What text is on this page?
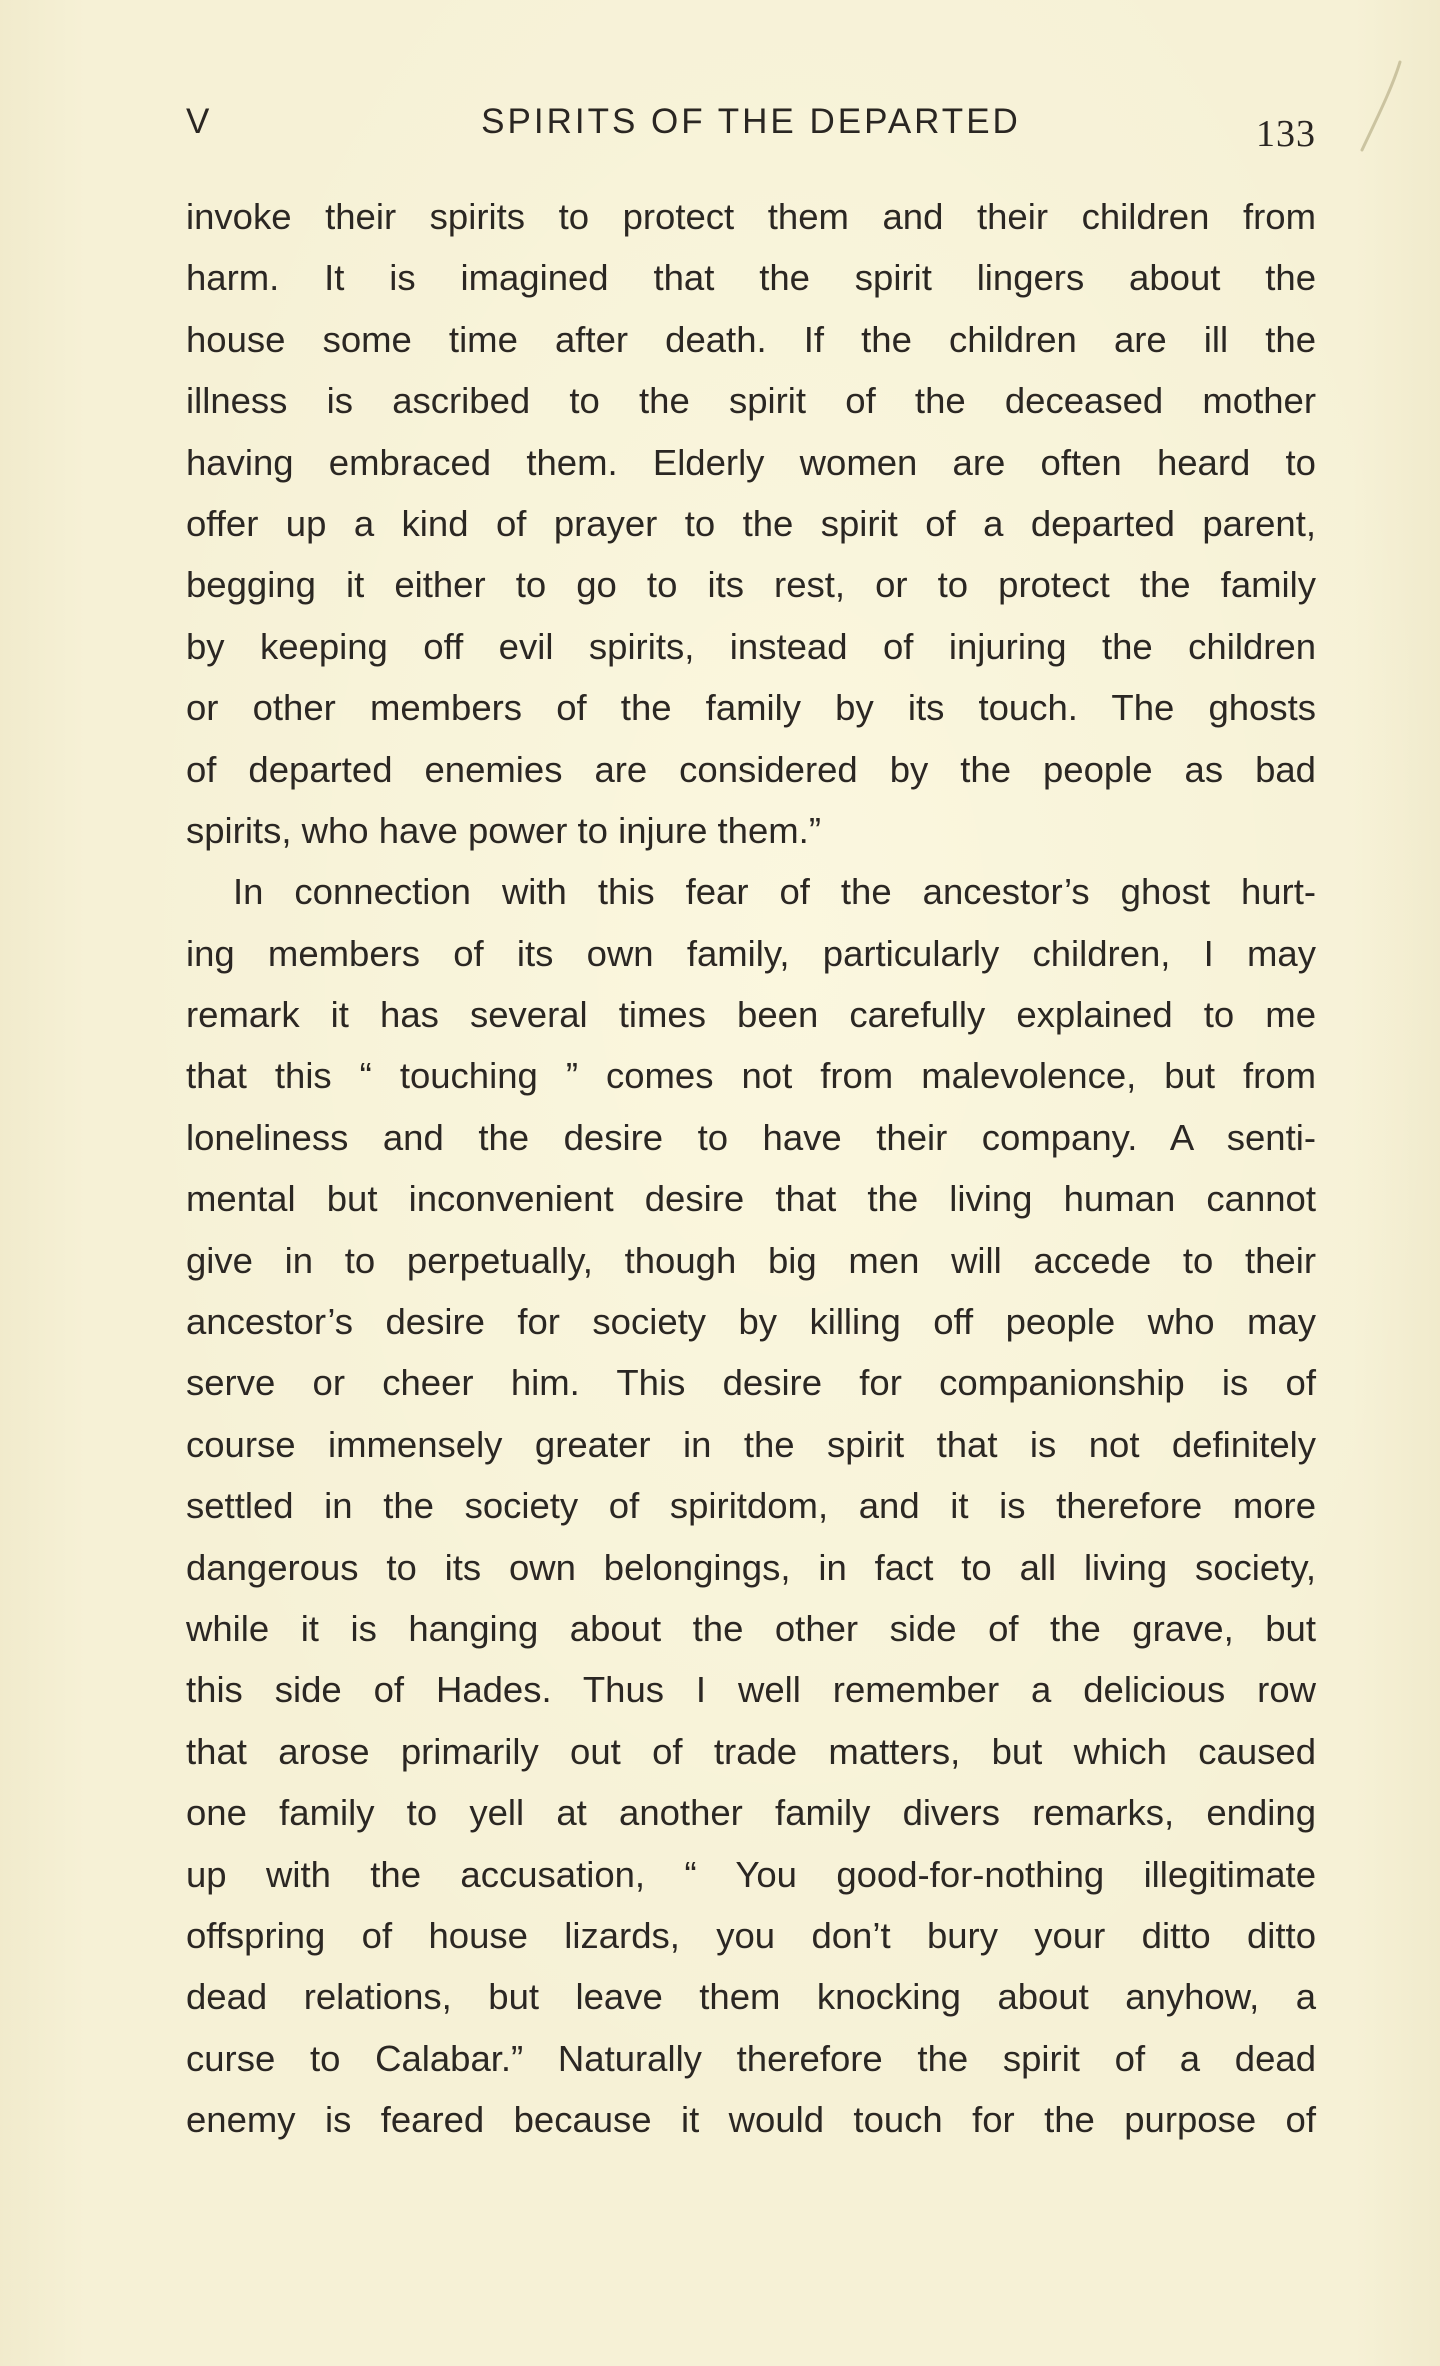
V	SPIRITS OF THE DEPARTED	133
invoke their spirits to protect them and their children from
harm. It is imagined that the spirit lingers about the
house some time after death. If the children are ill the
illness is ascribed to the spirit of the deceased mother
having embraced them. Elderly women are often heard to
offer up a kind of prayer to the spirit of a departed parent,
begging it either to go to its rest, or to protect the family
by keeping off evil spirits, instead of injuring the children
or other members of the family by its touch. The ghosts
of departed enemies are considered by the people as bad
spirits, who have power to injure them.”
In connection with this fear of the ancestor’s ghost hurt-
ing members of its own family, particularly children, I may
remark it has several times been carefully explained to me
that this “ touching ” comes not from malevolence, but from
loneliness and the desire to have their company. A senti-
mental but inconvenient desire that the living human cannot
give in to perpetually, though big men will accede to their
ancestor’s desire for society by killing off people who may
serve or cheer him. This desire for companionship is of
course immensely greater in the spirit that is not definitely
settled in the society of spiritdom, and it is therefore more
dangerous to its own belongings, in fact to all living society,
while it is hanging about the other side of the grave, but
this side of Hades. Thus I well remember a delicious row
that arose primarily out of trade matters, but which caused
one family to yell at another family divers remarks, ending
up with the accusation, “ You good-for-nothing illegitimate
offspring of house lizards, you don’t bury your ditto ditto
dead relations, but leave them knocking about anyhow, a
curse to Calabar.” Naturally therefore the spirit of a dead
enemy is feared because it would touch for the purpose of
